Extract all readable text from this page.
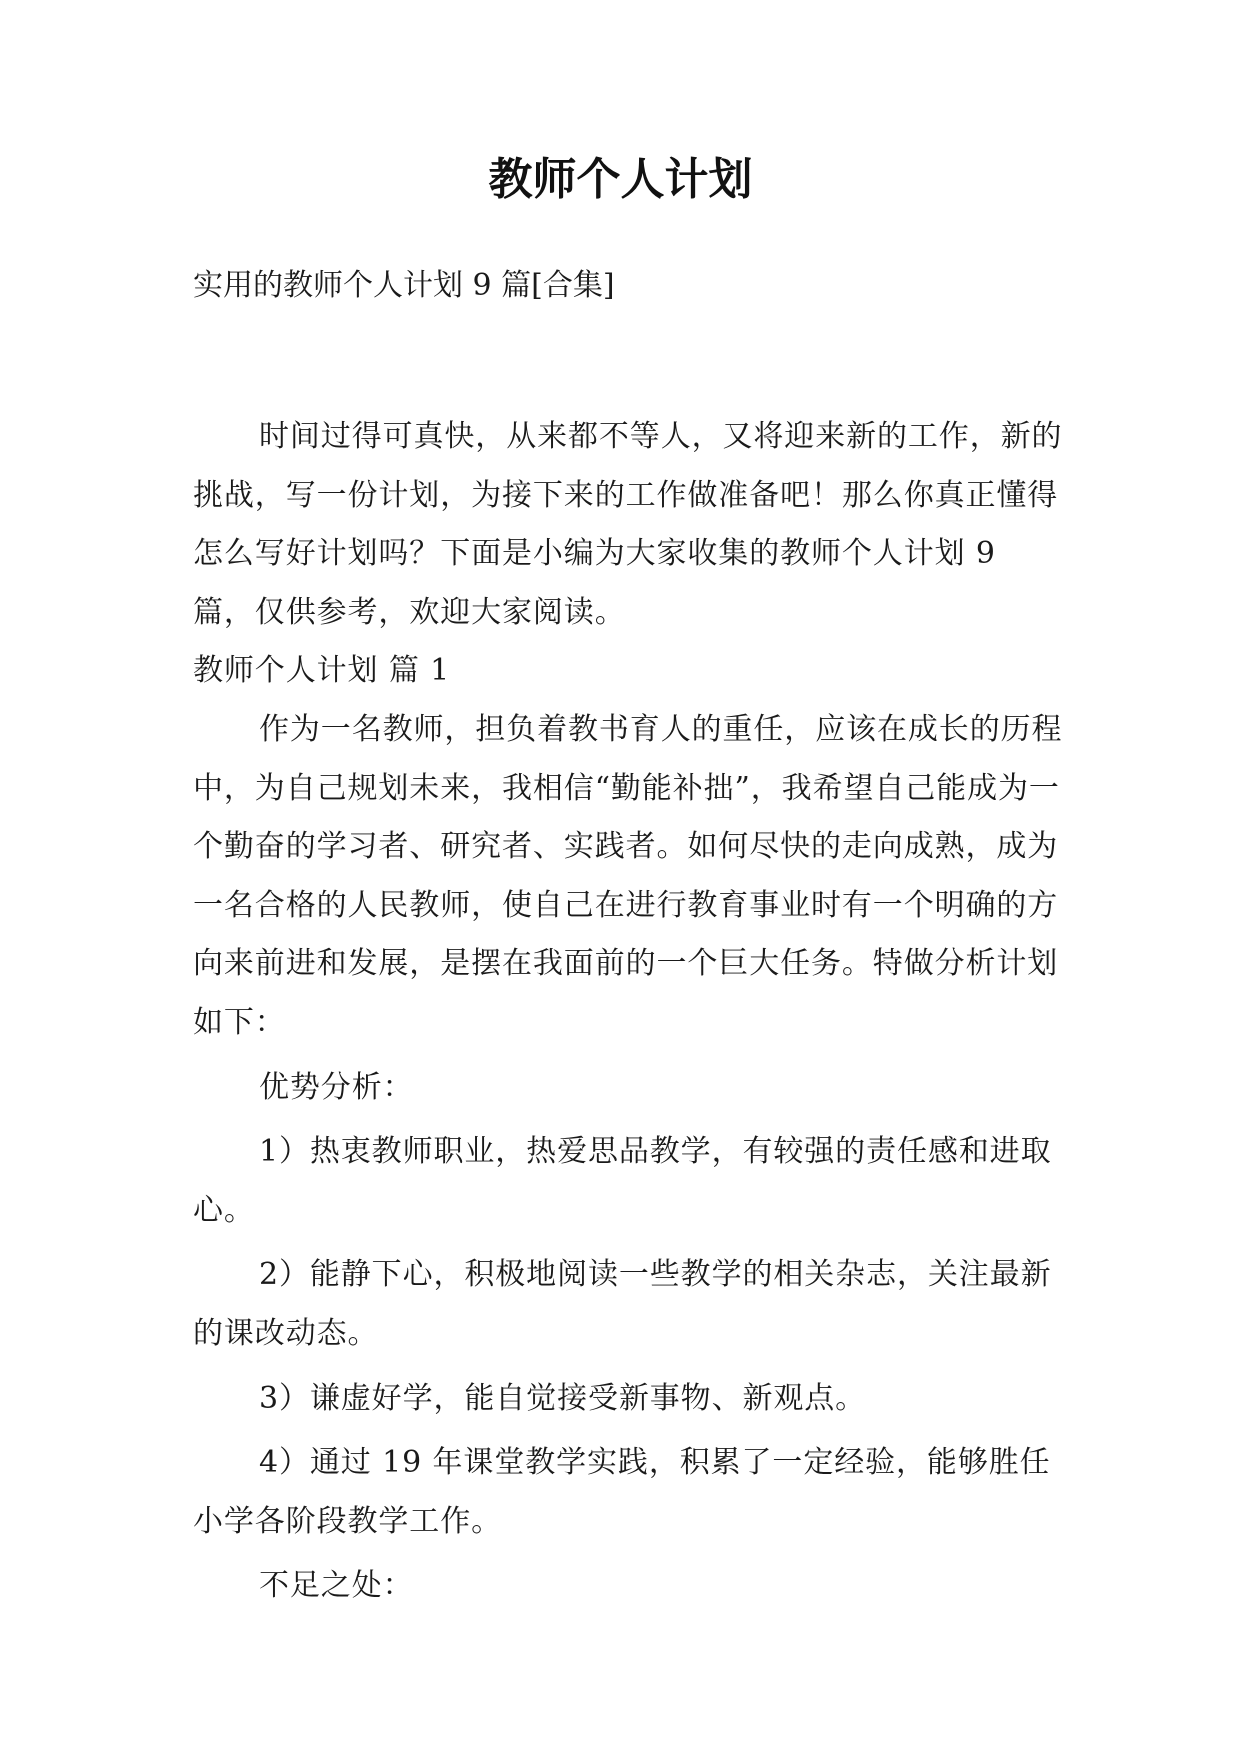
教师个人计划

实用的教师个人计划 9 篇[合集]

时间过得可真快，从来都不等人，又将迎来新的工作，新的挑战，写一份计划，为接下来的工作做准备吧！那么你真正懂得怎么写好计划吗？下面是小编为大家收集的教师个人计划 9 篇，仅供参考，欢迎大家阅读。

教师个人计划 篇 1

作为一名教师，担负着教书育人的重任，应该在成长的历程中，为自己规划未来，我相信“勤能补拙”，我希望自己能成为一个勤奋的学习者、研究者、实践者。如何尽快的走向成熟，成为一名合格的人民教师，使自己在进行教育事业时有一个明确的方向来前进和发展，是摆在我面前的一个巨大任务。特做分析计划如下：

优势分析：

1）热衷教师职业，热爱思品教学，有较强的责任感和进取心。

2）能静下心，积极地阅读一些教学的相关杂志，关注最新的课改动态。

3）谦虚好学，能自觉接受新事物、新观点。

4）通过 19 年课堂教学实践，积累了一定经验，能够胜任小学各阶段教学工作。

不足之处：
